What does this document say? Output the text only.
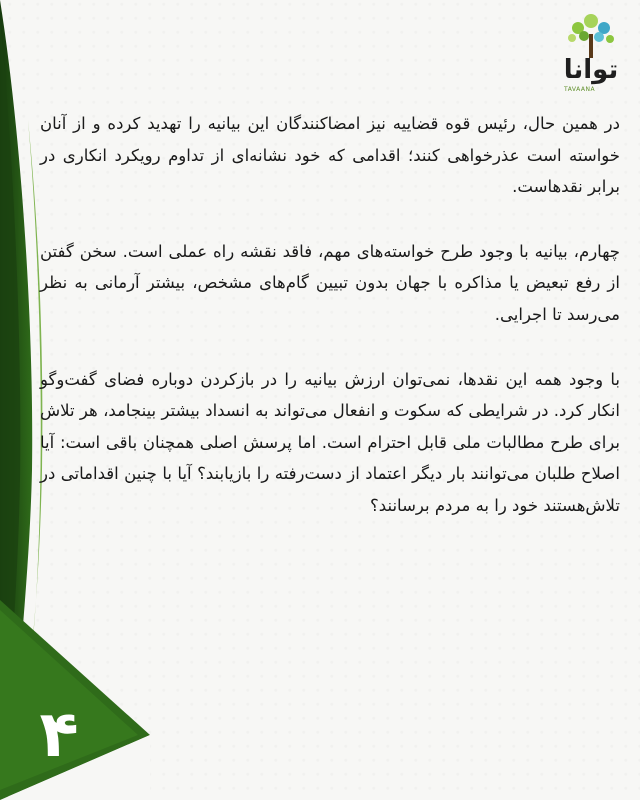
توانا
TAVAANA

در همین حال، رئیس قوه قضاییه نیز امضاکنندگان این بیانیه را تهدید کرده و از آنان خواسته است عذرخواهی کنند؛ اقدامی که خود نشانه‌ای از تداوم رویکرد انکاری در برابر نقدهاست.

چهارم، بیانیه با وجود طرح خواسته‌های مهم، فاقد نقشه راه عملی است. سخن گفتن از رفع تبعیض یا مذاکره با جهان بدون تبیین گام‌های مشخص، بیشتر آرمانی به نظر می‌رسد تا اجرایی.

با وجود همه این نقدها، نمی‌توان ارزش بیانیه را در بازکردن دوباره فضای گفت‌وگو انکار کرد. در شرایطی که سکوت و انفعال می‌تواند به انسداد بیشتر بینجامد، هر تلاش برای طرح مطالبات ملی قابل احترام است. اما پرسش اصلی همچنان باقی است: آیا اصلاح طلبان می‌توانند بار دیگر اعتماد از دست‌رفته را بازیابند؟ آیا با چنین اقداماتی در تلاش‌هستند خود را به مردم برسانند؟

۴
